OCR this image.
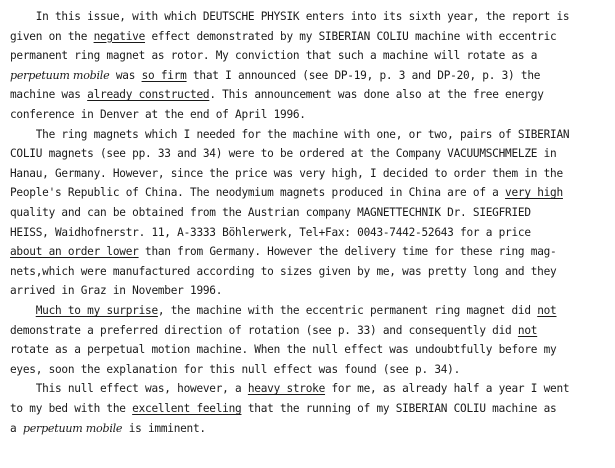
In this issue, with which DEUTSCHE PHYSIK enters into its sixth year, the report is
given on the negative effect demonstrated by my SIBERIAN COLIU machine with eccentric
permanent ring magnet as rotor. My conviction that such a machine will rotate as a
perpetuum mobile was so firm that I announced (see DP-19, p. 3 and DP-20, p. 3) the
machine was already constructed. This announcement was done also at the free energy
conference in Denver at the end of April 1996.
The ring magnets which I needed for the machine with one, or two, pairs of SIBERIAN
COLIU magnets (see pp. 33 and 34) were to be ordered at the Company VACUUMSCHMELZE in
Hanau, Germany. However, since the price was very high, I decided to order them in the
People's Republic of China. The neodymium magnets produced in China are of a very high
quality and can be obtained from the Austrian company MAGNETTECHNIK Dr. SIEGFRIED
HEISS, Waidhofnerstr. 11, A-3333 Böhlerwerk, Tel+Fax: 0043-7442-52643 for a price
about an order lower than from Germany. However the delivery time for these ring mag-
nets,which were manufactured according to sizes given by me, was pretty long and they
arrived in Graz in November 1996.
Much to my surprise, the machine with the eccentric permanent ring magnet did not
demonstrate a preferred direction of rotation (see p. 33) and consequently did not
rotate as a perpetual motion machine. When the null effect was undoubtfully before my
eyes, soon the explanation for this null effect was found (see p. 34).
This null effect was, however, a heavy stroke for me, as already half a year I went
to my bed with the excellent feeling that the running of my SIBERIAN COLIU machine as
a perpetuum mobile is imminent.
